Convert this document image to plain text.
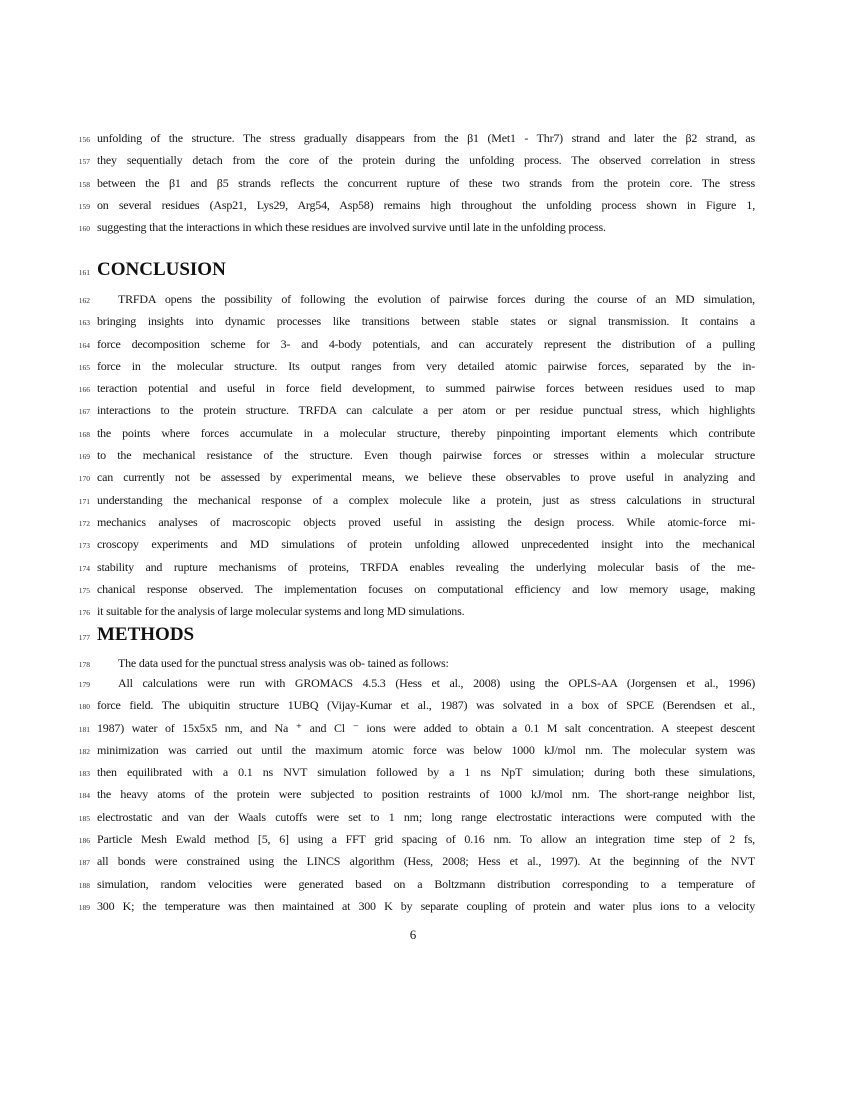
156 unfolding of the structure. The stress gradually disappears from the β1 (Met1 - Thr7) strand and later the β2 strand, as
157 they sequentially detach from the core of the protein during the unfolding process. The observed correlation in stress
158 between the β1 and β5 strands reflects the concurrent rupture of these two strands from the protein core. The stress
159 on several residues (Asp21, Lys29, Arg54, Asp58) remains high throughout the unfolding process shown in Figure 1,
160 suggesting that the interactions in which these residues are involved survive until late in the unfolding process.
161 CONCLUSION
162	TRFDA opens the possibility of following the evolution of pairwise forces during the course of an MD simulation,
163 bringing insights into dynamic processes like transitions between stable states or signal transmission. It contains a
164 force decomposition scheme for 3- and 4-body potentials, and can accurately represent the distribution of a pulling
165 force in the molecular structure. Its output ranges from very detailed atomic pairwise forces, separated by the in-
166 teraction potential and useful in force field development, to summed pairwise forces between residues used to map
167 interactions to the protein structure. TRFDA can calculate a per atom or per residue punctual stress, which highlights
168 the points where forces accumulate in a molecular structure, thereby pinpointing important elements which contribute
169 to the mechanical resistance of the structure. Even though pairwise forces or stresses within a molecular structure
170 can currently not be assessed by experimental means, we believe these observables to prove useful in analyzing and
171 understanding the mechanical response of a complex molecule like a protein, just as stress calculations in structural
172 mechanics analyses of macroscopic objects proved useful in assisting the design process. While atomic-force mi-
173 croscopy experiments and MD simulations of protein unfolding allowed unprecedented insight into the mechanical
174 stability and rupture mechanisms of proteins, TRFDA enables revealing the underlying molecular basis of the me-
175 chanical response observed. The implementation focuses on computational efficiency and low memory usage, making
176 it suitable for the analysis of large molecular systems and long MD simulations.
177 METHODS
178	The data used for the punctual stress analysis was ob- tained as follows:
179	All calculations were run with GROMACS 4.5.3 (Hess et al., 2008) using the OPLS-AA (Jorgensen et al., 1996)
180 force field. The ubiquitin structure 1UBQ (Vijay-Kumar et al., 1987) was solvated in a box of SPCE (Berendsen et al.,
181 1987) water of 15x5x5 nm, and Na ⁺ and Cl ⁻ ions were added to obtain a 0.1 M salt concentration. A steepest descent
182 minimization was carried out until the maximum atomic force was below 1000 kJ/mol nm. The molecular system was
183 then equilibrated with a 0.1 ns NVT simulation followed by a 1 ns NpT simulation; during both these simulations,
184 the heavy atoms of the protein were subjected to position restraints of 1000 kJ/mol nm. The short-range neighbor list,
185 electrostatic and van der Waals cutoffs were set to 1 nm; long range electrostatic interactions were computed with the
186 Particle Mesh Ewald method [5, 6] using a FFT grid spacing of 0.16 nm. To allow an integration time step of 2 fs,
187 all bonds were constrained using the LINCS algorithm (Hess, 2008; Hess et al., 1997). At the beginning of the NVT
188 simulation, random velocities were generated based on a Boltzmann distribution corresponding to a temperature of
189 300 K; the temperature was then maintained at 300 K by separate coupling of protein and water plus ions to a velocity
6
